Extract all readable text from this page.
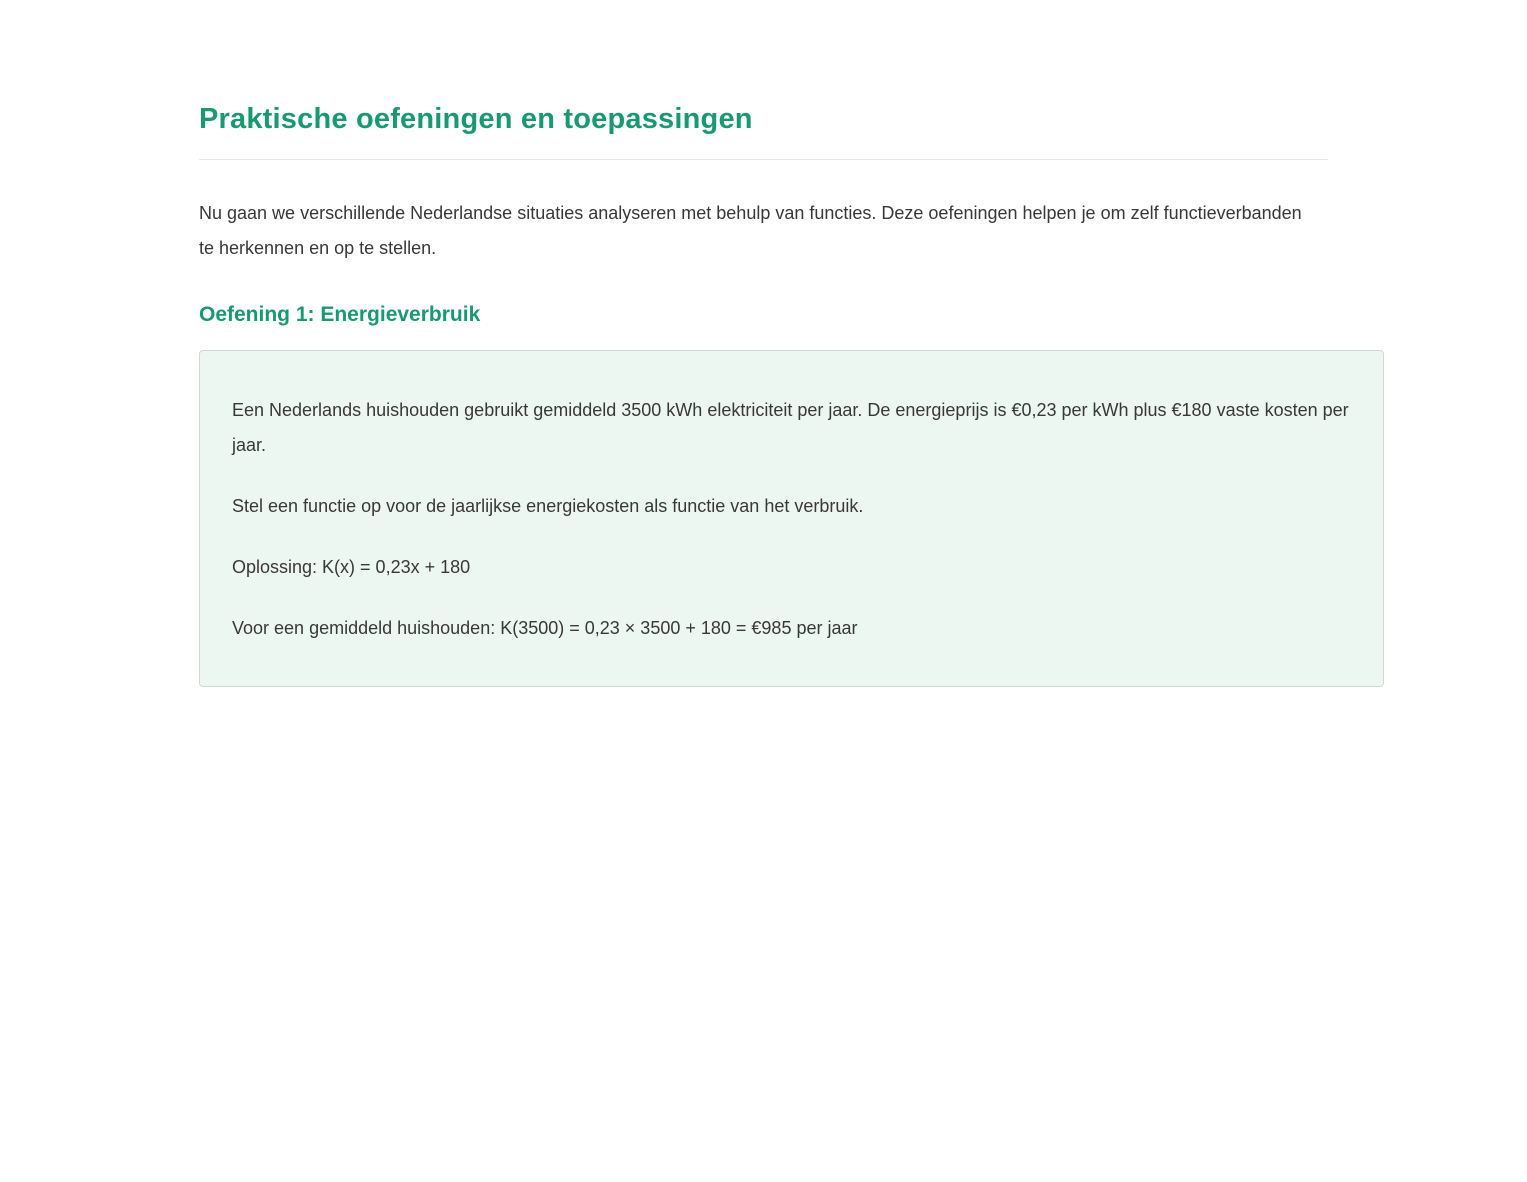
Praktische oefeningen en toepassingen

Nu gaan we verschillende Nederlandse situaties analyseren met behulp van functies. Deze oefeningen helpen je om zelf functieverbanden te herkennen en op te stellen.

Oefening 1: Energieverbruik

Een Nederlands huishouden gebruikt gemiddeld 3500 kWh elektriciteit per jaar. De energieprijs is €0,23 per kWh plus €180 vaste kosten per jaar.

Stel een functie op voor de jaarlijkse energiekosten als functie van het verbruik.

Oplossing: K(x) = 0,23x + 180

Voor een gemiddeld huishouden: K(3500) = 0,23 × 3500 + 180 = €985 per jaar
